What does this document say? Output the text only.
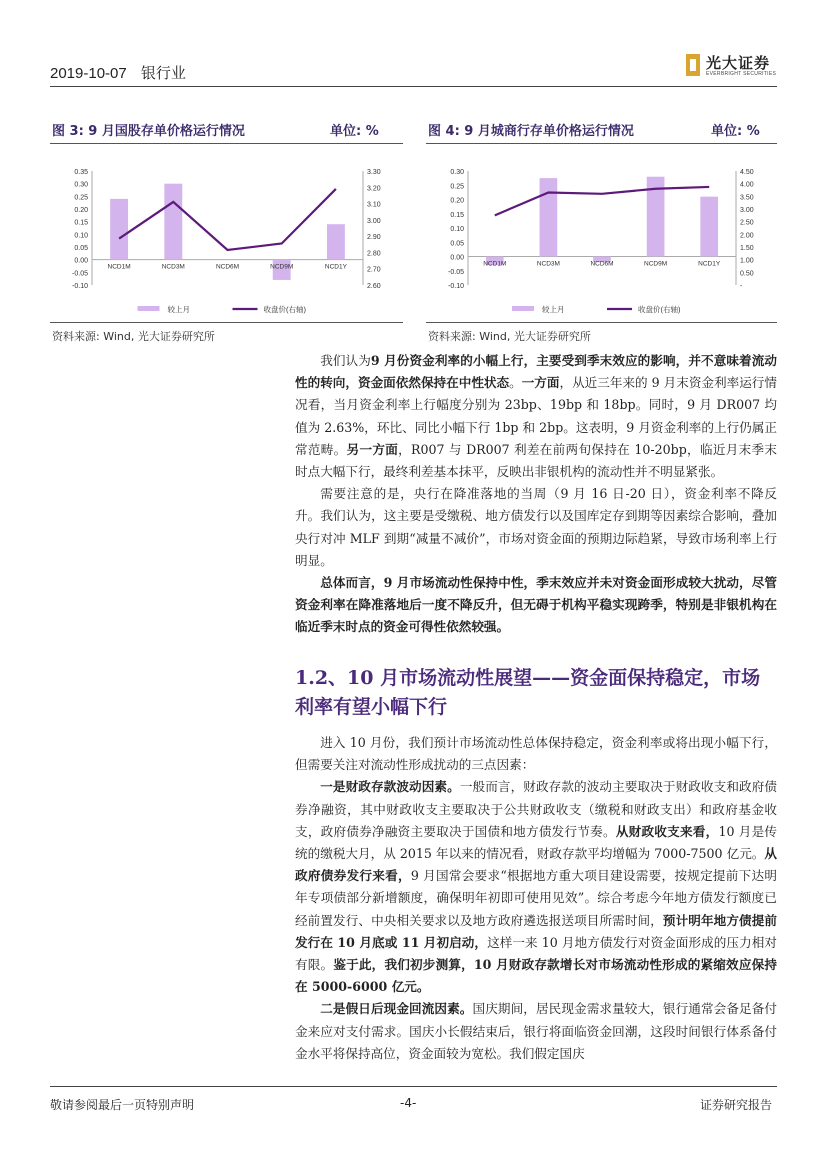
2019-10-07 银行业
光大证券
EVERBRIGHT SECURITIES
图 3: 9 月国股存单价格运行情况	单位: %	图 4: 9 月城商行存单价格运行情况	单位: %
0.35
0.30
0.25
0.20
0.15
0.10
0.05
0.00
-0.05
-0.10
3.30
3.20
3.10
3.00
2.90
2.80
2.70
2.60
NCD1M	NCD3M	NCD6M	NCD9M	NCD1Y
较上月	收盘价(右轴)
0.30
0.25
0.20
0.15
0.10
0.05
0.00
-0.05
-0.10
4.50
4.00
3.50
3.00
2.50
2.00
1.50
1.00
0.50
-
NCD1M	NCD3M	NCD6M	NCD9M	NCD1Y
较上月	收盘价(右轴)
资料来源: Wind, 光大证券研究所	资料来源: Wind, 光大证券研究所

我们认为9 月份资金利率的小幅上行，主要受到季末效应的影响，并不意味着流动性的转向，资金面依然保持在中性状态。一方面，从近三年来的 9 月末资金利率运行情况看，当月资金利率上行幅度分别为 23bp、19bp 和 18bp。同时，9 月 DR007 均值为 2.63%，环比、同比小幅下行 1bp 和 2bp。这表明，9 月资金利率的上行仍属正常范畴。另一方面，R007 与 DR007 利差在前两旬保持在 10-20bp，临近月末季末时点大幅下行，最终利差基本抹平，反映出非银机构的流动性并不明显紧张。

需要注意的是，央行在降准落地的当周（9 月 16 日-20 日），资金利率不降反升。我们认为，这主要是受缴税、地方债发行以及国库定存到期等因素综合影响，叠加央行对冲 MLF 到期“减量不减价”，市场对资金面的预期边际趋紧，导致市场利率上行明显。

总体而言，9 月市场流动性保持中性，季末效应并未对资金面形成较大扰动，尽管资金利率在降准落地后一度不降反升，但无碍于机构平稳实现跨季，特别是非银机构在临近季末时点的资金可得性依然较强。

1.2、10 月市场流动性展望——资金面保持稳定，市场利率有望小幅下行

进入 10 月份，我们预计市场流动性总体保持稳定，资金利率或将出现小幅下行，但需要关注对流动性形成扰动的三点因素：

一是财政存款波动因素。一般而言，财政存款的波动主要取决于财政收支和政府债券净融资，其中财政收支主要取决于公共财政收支（缴税和财政支出）和政府基金收支，政府债券净融资主要取决于国债和地方债发行节奏。从财政收支来看，10 月是传统的缴税大月，从 2015 年以来的情况看，财政存款平均增幅为 7000-7500 亿元。从政府债券发行来看，9 月国常会要求“根据地方重大项目建设需要，按规定提前下达明年专项债部分新增额度，确保明年初即可使用见效”。综合考虑今年地方债发行额度已经前置发行、中央相关要求以及地方政府遴选报送项目所需时间，预计明年地方债提前发行在 10 月底或 11 月初启动，这样一来 10 月地方债发行对资金面形成的压力相对有限。鉴于此，我们初步测算，10 月财政存款增长对市场流动性形成的紧缩效应保持在 5000-6000 亿元。

二是假日后现金回流因素。国庆期间，居民现金需求量较大，银行通常会备足备付金来应对支付需求。国庆小长假结束后，银行将面临资金回潮，这段时间银行体系备付金水平将保持高位，资金面较为宽松。我们假定国庆

敬请参阅最后一页特别声明	-4-	证券研究报告
